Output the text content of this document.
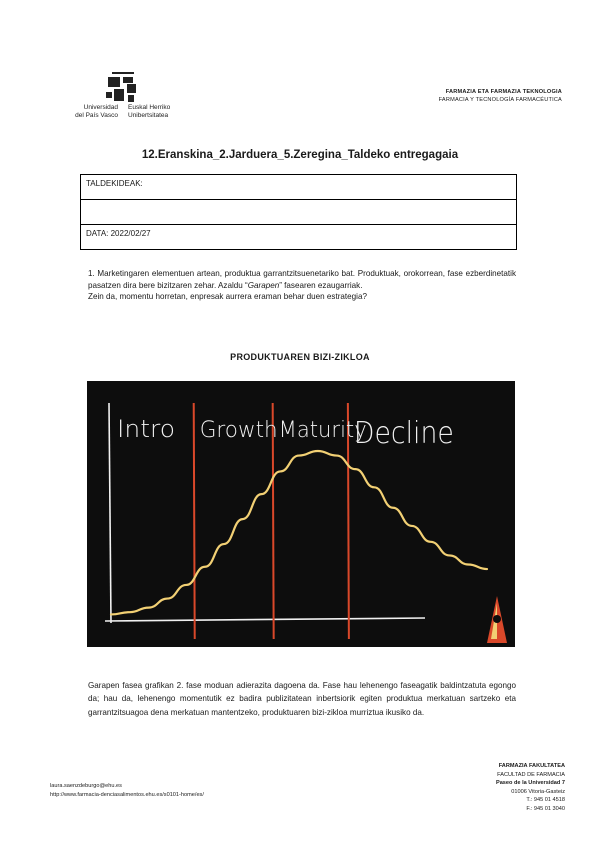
Universidad
del País Vasco
Euskal Herriko
Unibertsitatea
FARMAZIA ETA FARMAZIA TEKNOLOGIA
FARMACIA Y TECNOLOGÍA FARMACÉUTICA
12.Eranskina_2.Jarduera_5.Zeregina_Taldeko entregagaia
TALDEKIDEAK:
DATA: 2022/02/27

1. Marketingaren elementuen artean, produktua garrantzitsuenetariko bat. Produktuak, orokorrean, fase ezberdinetatik pasatzen dira bere bizitzaren zehar. Azaldu “Garapen” fasearen ezaugarriak.

Zein da, momentu horretan, enpresak aurrera eraman behar duen estrategia?

PRODUKTUAREN BIZI-ZIKLOA
Intro Growth Maturity
Decline
Garapen fasea grafikan 2. fase moduan adierazita dagoena da. Fase hau lehenengo faseagatik baldintzatuta egongo da; hau da, lehenengo momentutik ez badira publizitatean inbertsiorik egiten produktua merkatuan sartzeko eta garrantzitsuagoa dena merkatuan mantentzeko, produktuaren bizi-zikloa murriztua ikusiko da.
laura.saenzdeburgo@ehu.es
http://www.farmacia-denciasalimentos.ehu.es/s0101-home/es/
FARMAZIA FAKULTATEA
FACULTAD DE FARMACIA
Paseo de la Universidad 7
01006 Vitoria-Gasteiz
T.: 945 01 4518
F.: 945 01 3040
